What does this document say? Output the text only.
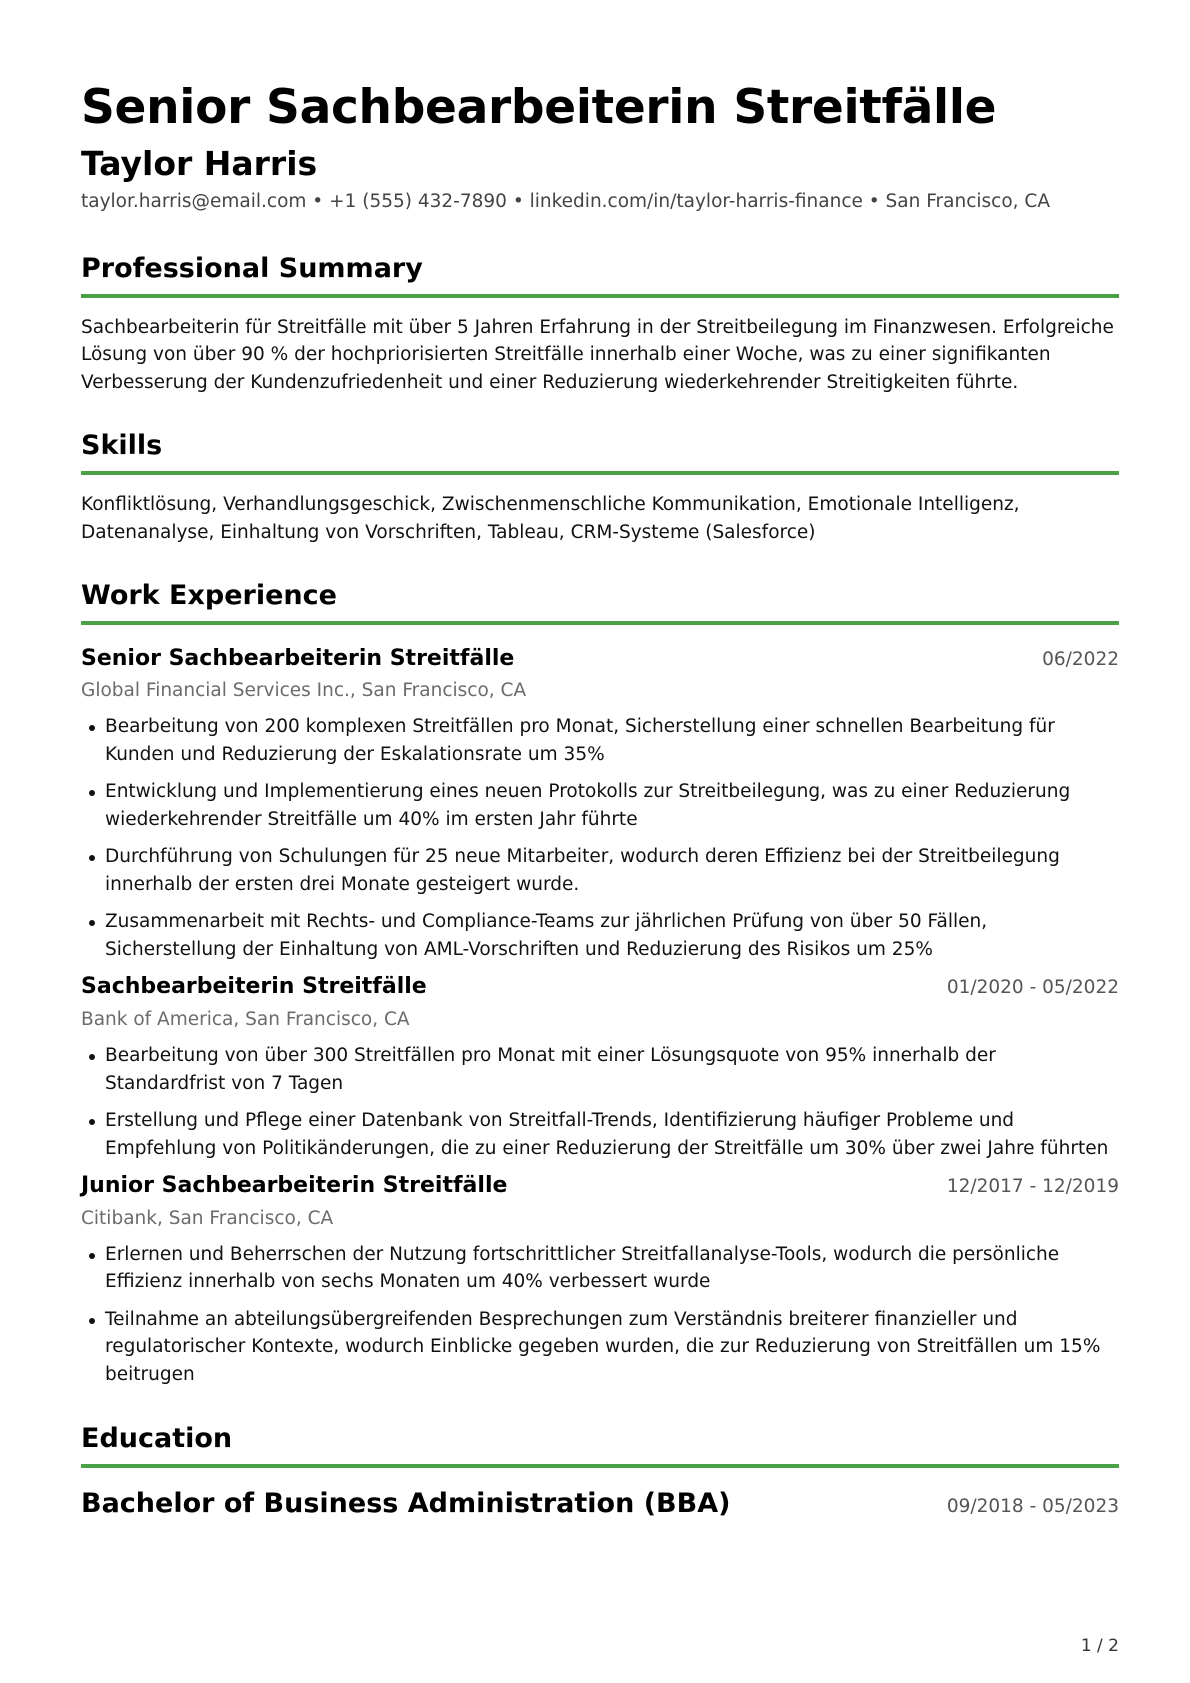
Senior Sachbearbeiterin Streitfälle
Taylor Harris
taylor.harris@email.com • +1 (555) 432-7890 • linkedin.com/in/taylor-harris-finance • San Francisco, CA
Professional Summary

Sachbearbeiterin für Streitfälle mit über 5 Jahren Erfahrung in der Streitbeilegung im Finanzwesen. Erfolgreiche Lösung von über 90 % der hochpriorisierten Streitfälle innerhalb einer Woche, was zu einer signifikanten Verbesserung der Kundenzufriedenheit und einer Reduzierung wiederkehrender Streitigkeiten führte.

Skills

Konfliktlösung, Verhandlungsgeschick, Zwischenmenschliche Kommunikation, Emotionale Intelligenz, Datenanalyse, Einhaltung von Vorschriften, Tableau, CRM-Systeme (Salesforce)

Work Experience
Senior Sachbearbeiterin Streitfälle	06/2022
Global Financial Services Inc., San Francisco, CA
Bearbeitung von 200 komplexen Streitfällen pro Monat, Sicherstellung einer schnellen Bearbeitung für Kunden und Reduzierung der Eskalationsrate um 35%
Entwicklung und Implementierung eines neuen Protokolls zur Streitbeilegung, was zu einer Reduzierung wiederkehrender Streitfälle um 40% im ersten Jahr führte
Durchführung von Schulungen für 25 neue Mitarbeiter, wodurch deren Effizienz bei der Streitbeilegung innerhalb der ersten drei Monate gesteigert wurde.
Zusammenarbeit mit Rechts- und Compliance-Teams zur jährlichen Prüfung von über 50 Fällen, Sicherstellung der Einhaltung von AML-Vorschriften und Reduzierung des Risikos um 25%
Sachbearbeiterin Streitfälle	01/2020 - 05/2022
Bank of America, San Francisco, CA
Bearbeitung von über 300 Streitfällen pro Monat mit einer Lösungsquote von 95% innerhalb der Standardfrist von 7 Tagen
Erstellung und Pflege einer Datenbank von Streitfall-Trends, Identifizierung häufiger Probleme und Empfehlung von Politikänderungen, die zu einer Reduzierung der Streitfälle um 30% über zwei Jahre führten
Junior Sachbearbeiterin Streitfälle	12/2017 - 12/2019
Citibank, San Francisco, CA
Erlernen und Beherrschen der Nutzung fortschrittlicher Streitfallanalyse-Tools, wodurch die persönliche Effizienz innerhalb von sechs Monaten um 40% verbessert wurde
Teilnahme an abteilungsübergreifenden Besprechungen zum Verständnis breiterer finanzieller und regulatorischer Kontexte, wodurch Einblicke gegeben wurden, die zur Reduzierung von Streitfällen um 15% beitrugen
Education
Bachelor of Business Administration (BBA)	09/2018 - 05/2023
1 / 2
